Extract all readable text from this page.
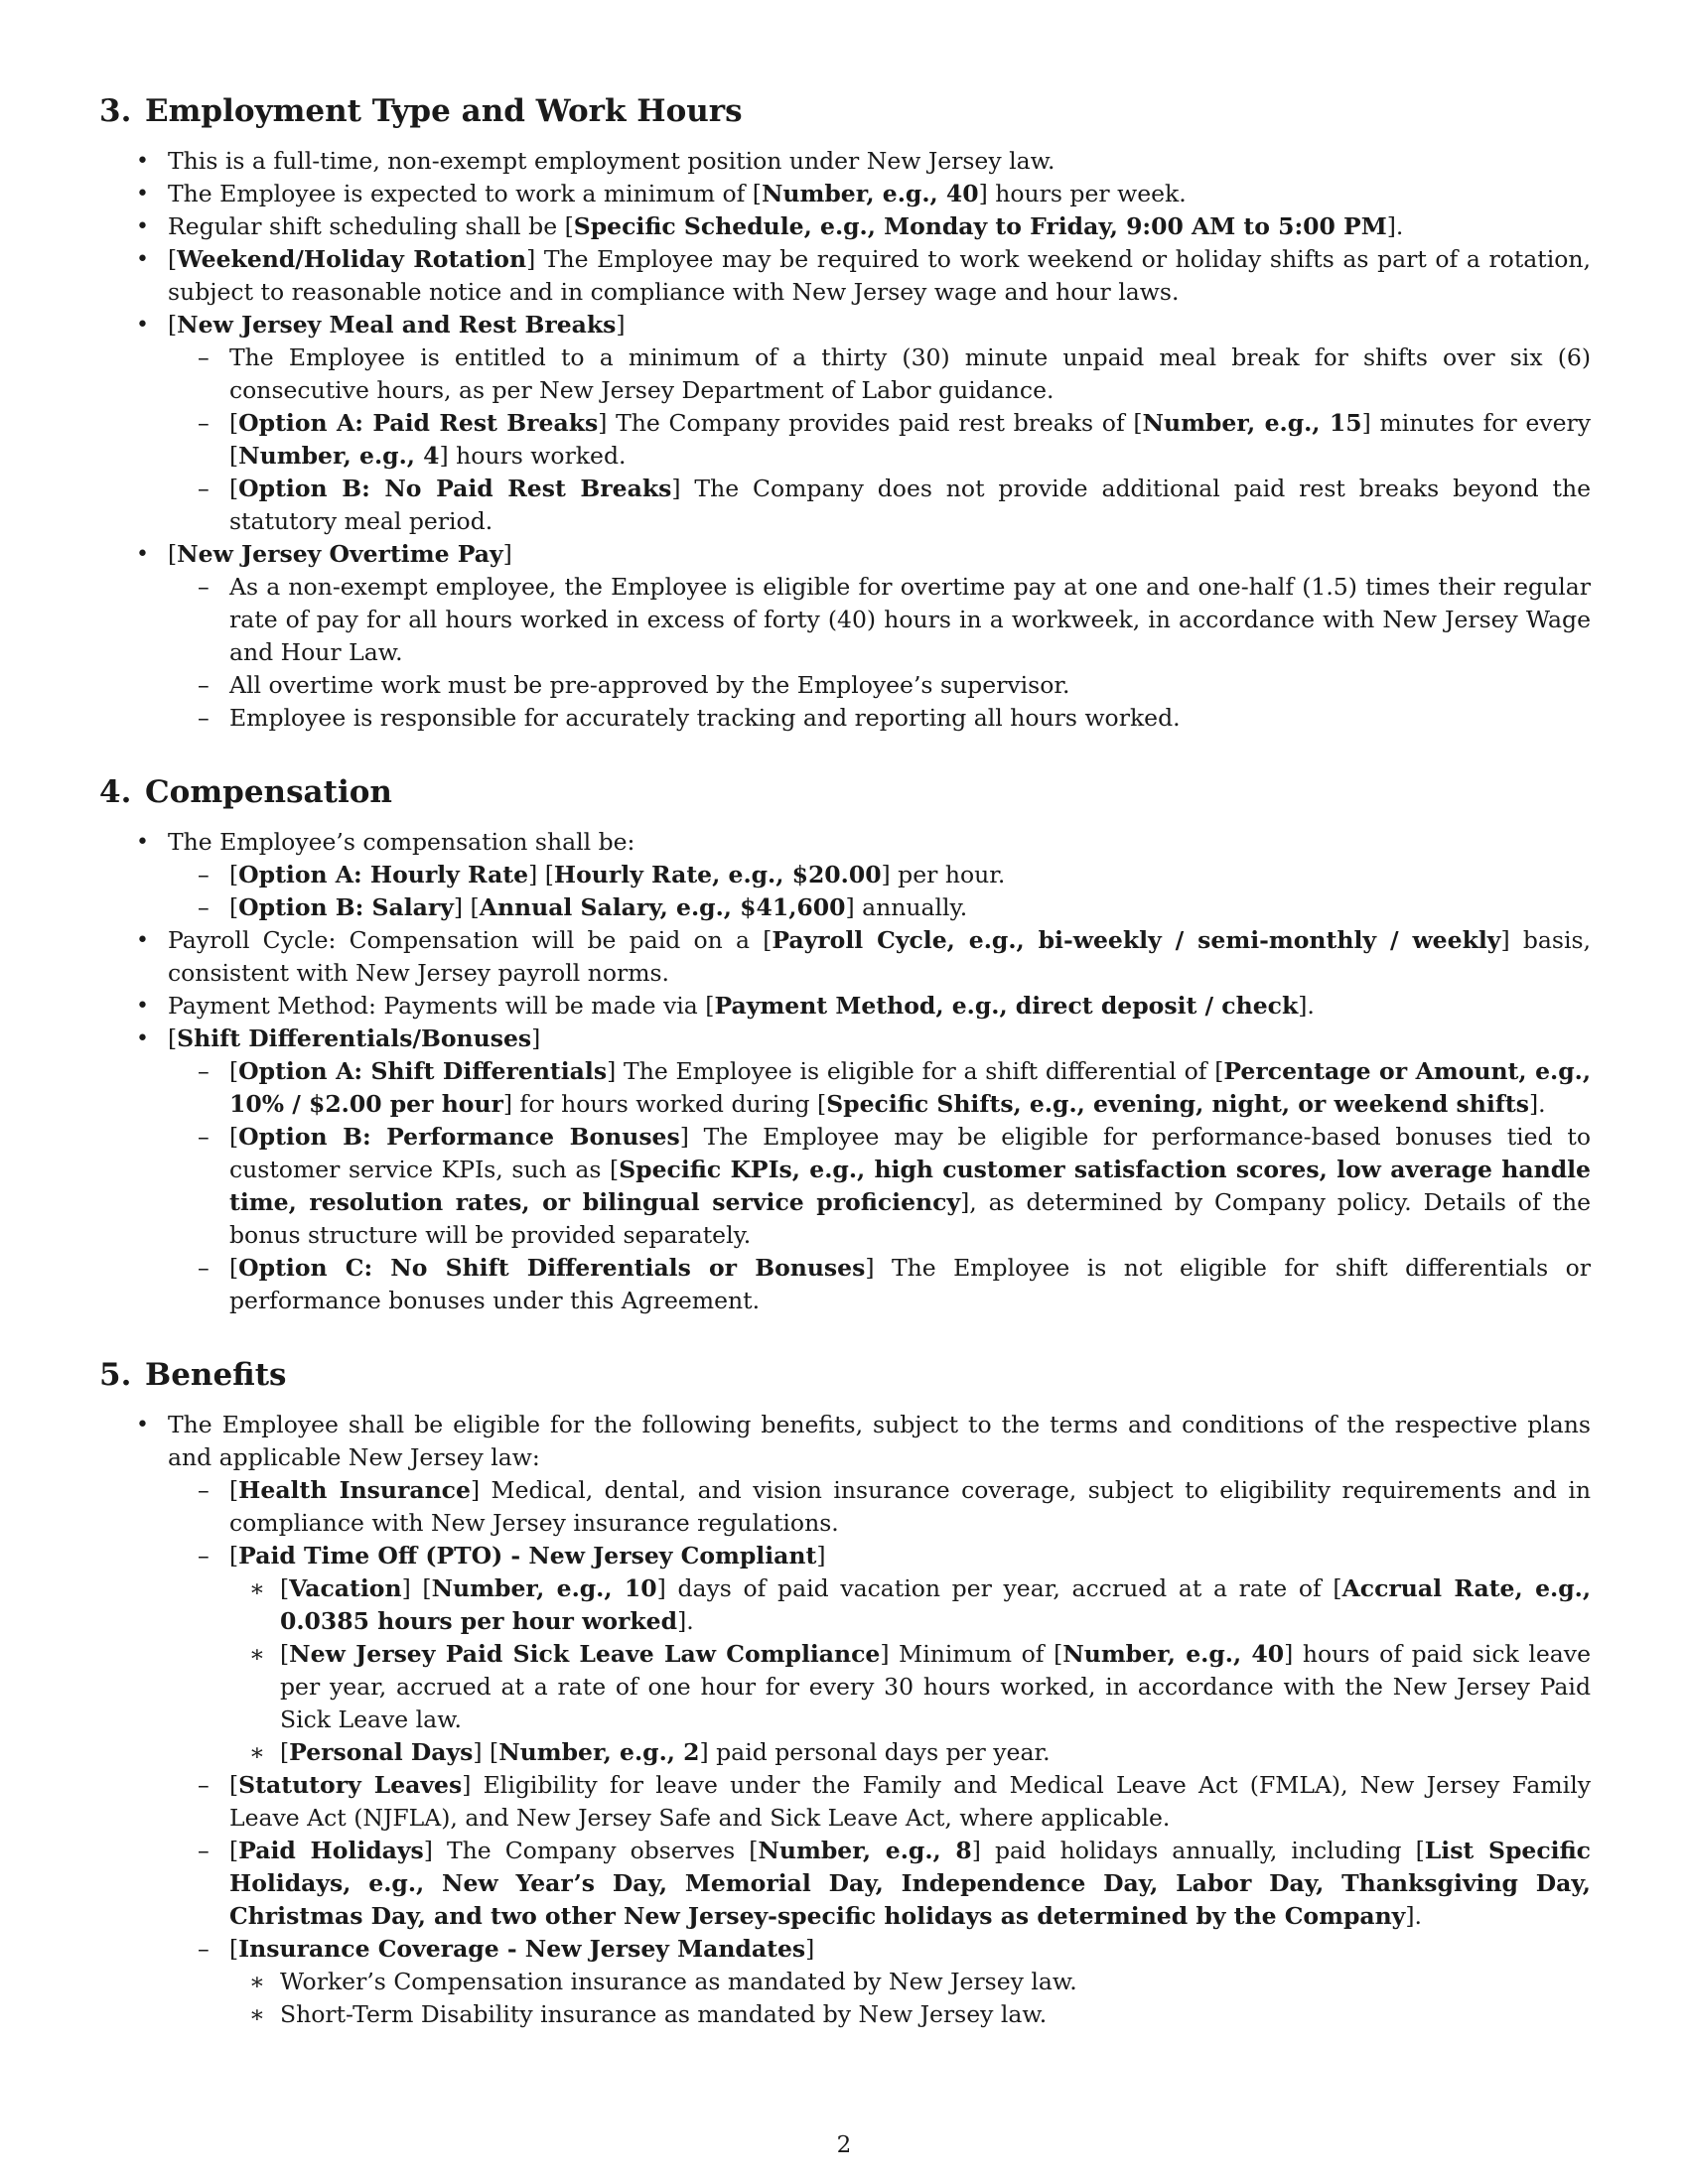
3. Employment Type and Work Hours
• This is a full-time, non-exempt employment position under New Jersey law.
• The Employee is expected to work a minimum of [Number, e.g., 40] hours per week.
• Regular shift scheduling shall be [Specific Schedule, e.g., Monday to Friday, 9:00 AM to 5:00 PM].
• [Weekend/Holiday Rotation] The Employee may be required to work weekend or holiday shifts as part of a rotation, subject to reasonable notice and in compliance with New Jersey wage and hour laws.
• [New Jersey Meal and Rest Breaks]
– The Employee is entitled to a minimum of a thirty (30) minute unpaid meal break for shifts over six (6) consecutive hours, as per New Jersey Department of Labor guidance.
– [Option A: Paid Rest Breaks] The Company provides paid rest breaks of [Number, e.g., 15] minutes for every [Number, e.g., 4] hours worked.
– [Option B: No Paid Rest Breaks] The Company does not provide additional paid rest breaks beyond the statutory meal period.
• [New Jersey Overtime Pay]
– As a non-exempt employee, the Employee is eligible for overtime pay at one and one-half (1.5) times their regular rate of pay for all hours worked in excess of forty (40) hours in a workweek, in accordance with New Jersey Wage and Hour Law.
– All overtime work must be pre-approved by the Employee’s supervisor.
– Employee is responsible for accurately tracking and reporting all hours worked.
4. Compensation
• The Employee’s compensation shall be:
– [Option A: Hourly Rate] [Hourly Rate, e.g., $20.00] per hour.
– [Option B: Salary] [Annual Salary, e.g., $41,600] annually.
• Payroll Cycle: Compensation will be paid on a [Payroll Cycle, e.g., bi-weekly / semi-monthly / weekly] basis, consistent with New Jersey payroll norms.
• Payment Method: Payments will be made via [Payment Method, e.g., direct deposit / check].
• [Shift Differentials/Bonuses]
– [Option A: Shift Differentials] The Employee is eligible for a shift differential of [Percentage or Amount, e.g., 10% / $2.00 per hour] for hours worked during [Specific Shifts, e.g., evening, night, or weekend shifts].
– [Option B: Performance Bonuses] The Employee may be eligible for performance-based bonuses tied to customer service KPIs, such as [Specific KPIs, e.g., high customer satisfaction scores, low average handle time, resolution rates, or bilingual service proficiency], as determined by Company policy. Details of the bonus structure will be provided separately.
– [Option C: No Shift Differentials or Bonuses] The Employee is not eligible for shift differentials or performance bonuses under this Agreement.
5. Benefits
• The Employee shall be eligible for the following benefits, subject to the terms and conditions of the respective plans and applicable New Jersey law:
– [Health Insurance] Medical, dental, and vision insurance coverage, subject to eligibility requirements and in compliance with New Jersey insurance regulations.
– [Paid Time Off (PTO) - New Jersey Compliant]
∗ [Vacation] [Number, e.g., 10] days of paid vacation per year, accrued at a rate of [Accrual Rate, e.g., 0.0385 hours per hour worked].
∗ [New Jersey Paid Sick Leave Law Compliance] Minimum of [Number, e.g., 40] hours of paid sick leave per year, accrued at a rate of one hour for every 30 hours worked, in accordance with the New Jersey Paid Sick Leave law.
∗ [Personal Days] [Number, e.g., 2] paid personal days per year.
– [Statutory Leaves] Eligibility for leave under the Family and Medical Leave Act (FMLA), New Jersey Family Leave Act (NJFLA), and New Jersey Safe and Sick Leave Act, where applicable.
– [Paid Holidays] The Company observes [Number, e.g., 8] paid holidays annually, including [List Specific Holidays, e.g., New Year’s Day, Memorial Day, Independence Day, Labor Day, Thanksgiving Day, Christmas Day, and two other New Jersey-specific holidays as determined by the Company].
– [Insurance Coverage - New Jersey Mandates]
∗ Worker’s Compensation insurance as mandated by New Jersey law.
∗ Short-Term Disability insurance as mandated by New Jersey law.
2
